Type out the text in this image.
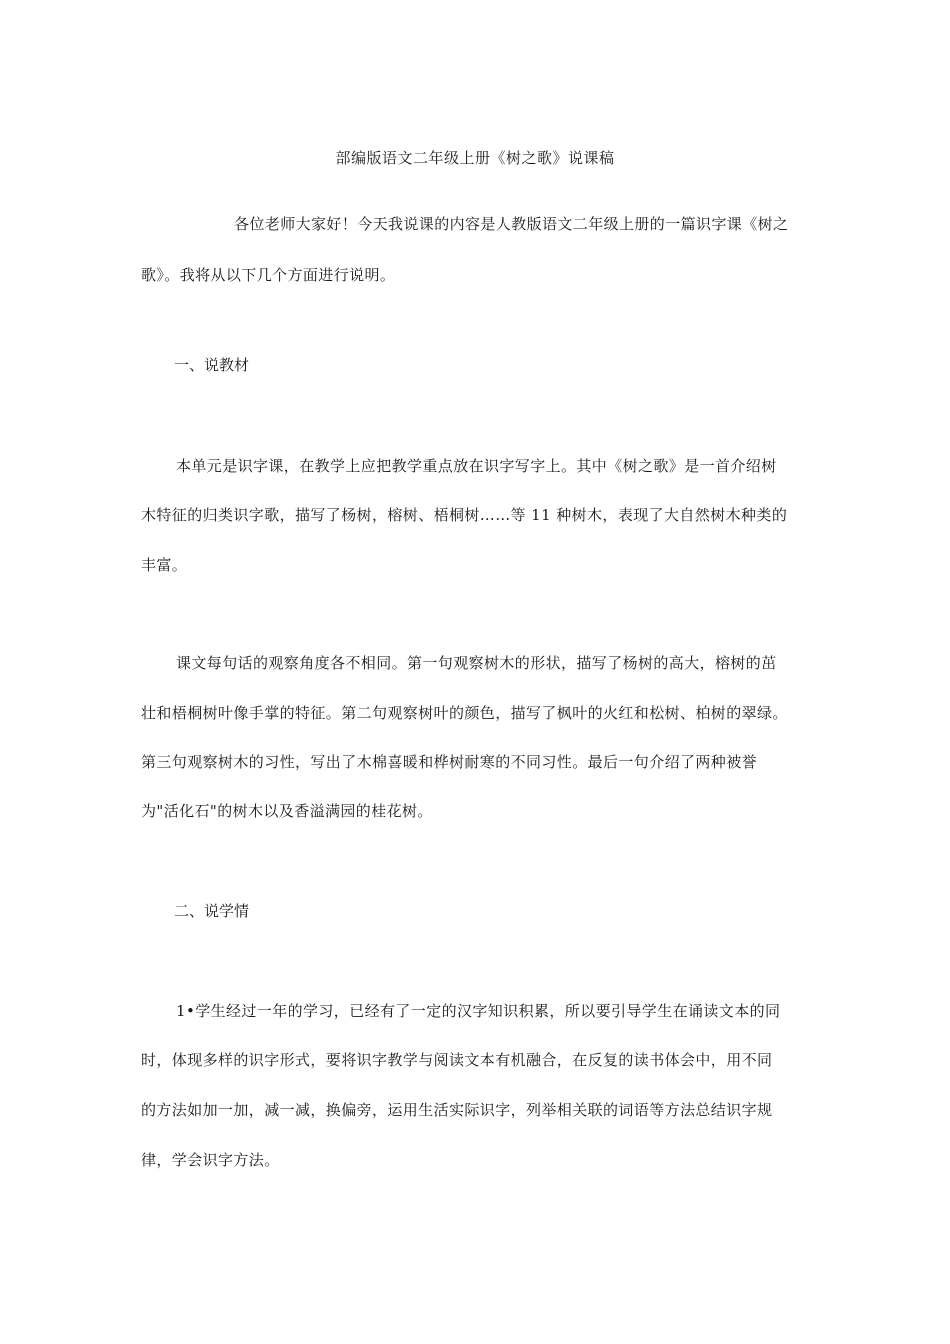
部编版语文二年级上册《树之歌》说课稿
各位老师大家好！今天我说课的内容是人教版语文二年级上册的一篇识字课《树之
歌》。我将从以下几个方面进行说明。
一、说教材
本单元是识字课，在教学上应把教学重点放在识字写字上。其中《树之歌》是一首介绍树
木特征的归类识字歌，描写了杨树，榕树、梧桐树……等 11 种树木，表现了大自然树木种类的
丰富。
课文每句话的观察角度各不相同。第一句观察树木的形状，描写了杨树的高大，榕树的茁
壮和梧桐树叶像手掌的特征。第二句观察树叶的颜色，描写了枫叶的火红和松树、柏树的翠绿。
第三句观察树木的习性，写出了木棉喜暖和桦树耐寒的不同习性。最后一句介绍了两种被誉
为"活化石"的树木以及香溢满园的桂花树。
二、说学情
1•学生经过一年的学习，已经有了一定的汉字知识积累，所以要引导学生在诵读文本的同
时，体现多样的识字形式，要将识字教学与阅读文本有机融合，在反复的读书体会中，用不同
的方法如加一加，减一减，换偏旁，运用生活实际识字，列举相关联的词语等方法总结识字规
律，学会识字方法。
